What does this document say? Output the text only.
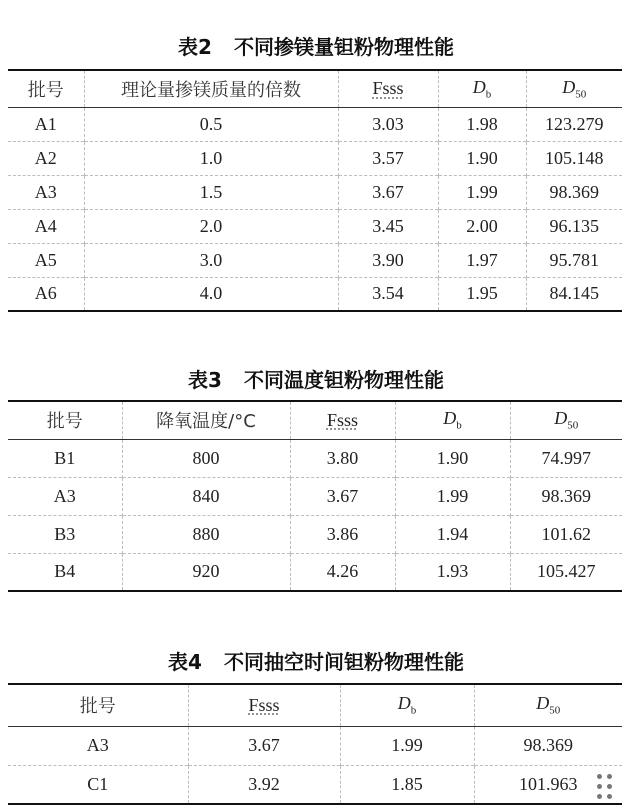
表2 不同掺镁量钽粉物理性能
批号	理论量掺镁质量的倍数	Fsss	$D_b$	$D_{50}$
A1	0.5	3.03	1.98	123.279
A2	1.0	3.57	1.90	105.148
A3	1.5	3.67	1.99	98.369
A4	2.0	3.45	2.00	96.135
A5	3.0	3.90	1.97	95.781
A6	4.0	3.54	1.95	84.145
表3 不同温度钽粉物理性能
批号	降氧温度/°C	Fsss	$D_b$	$D_{50}$
B1	800	3.80	1.90	74.997
A3	840	3.67	1.99	98.369
B3	880	3.86	1.94	101.62
B4	920	4.26	1.93	105.427
表4 不同抽空时间钽粉物理性能
批号	Fsss	$D_b$	$D_{50}$
A3	3.67	1.99	98.369
C1	3.92	1.85	101.963
